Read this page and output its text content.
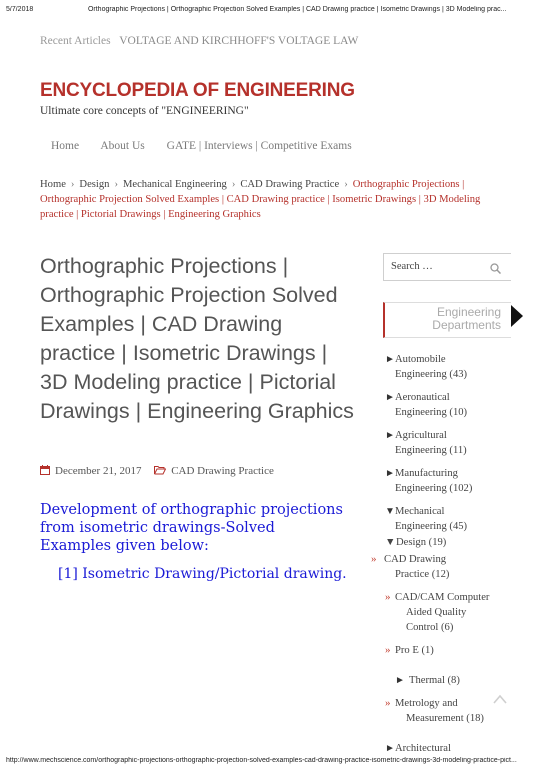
5/7/2018	Orthographic Projections | Orthographic Projection Solved Examples | CAD Drawing practice | Isometric Drawings | 3D Modeling prac...
Recent Articles VOLTAGE AND KIRCHHOFF'S VOLTAGE LAW
ENCYCLOPEDIA OF ENGINEERING
Ultimate core concepts of "ENGINEERING"
Home About Us GATE | Interviews | Competitive Exams
Home › Design › Mechanical Engineering › CAD Drawing Practice › Orthographic Projections | Orthographic Projection Solved Examples | CAD Drawing practice | Isometric Drawings | 3D Modeling practice | Pictorial Drawings | Engineering Graphics
Orthographic Projections | Orthographic Projection Solved Examples | CAD Drawing practice | Isometric Drawings | 3D Modeling practice | Pictorial Drawings | Engineering Graphics
December 21, 2017	CAD Drawing Practice
Development of orthographic projections from isometric drawings-Solved Examples given below:
[1] Isometric Drawing/Pictorial drawing.
Search …
Engineering
Departments
► Automobile
Engineering (43)
► Aeronautical
Engineering (10)
► Agricultural
Engineering (11)
► Manufacturing
Engineering (102)
▼ Mechanical
Engineering (45)
▼ Design (19)
» CAD Drawing
Practice (12)
» CAD/CAM Computer
Aided Quality
Control (6)
» Pro E (1)
► Thermal (8)
» Metrology and
Measurement (18)
► Architectural
http://www.mechscience.com/orthographic-projections-orthographic-projection-solved-examples-cad-drawing-practice-isometric-drawings-3d-modeling-practice-pict...
